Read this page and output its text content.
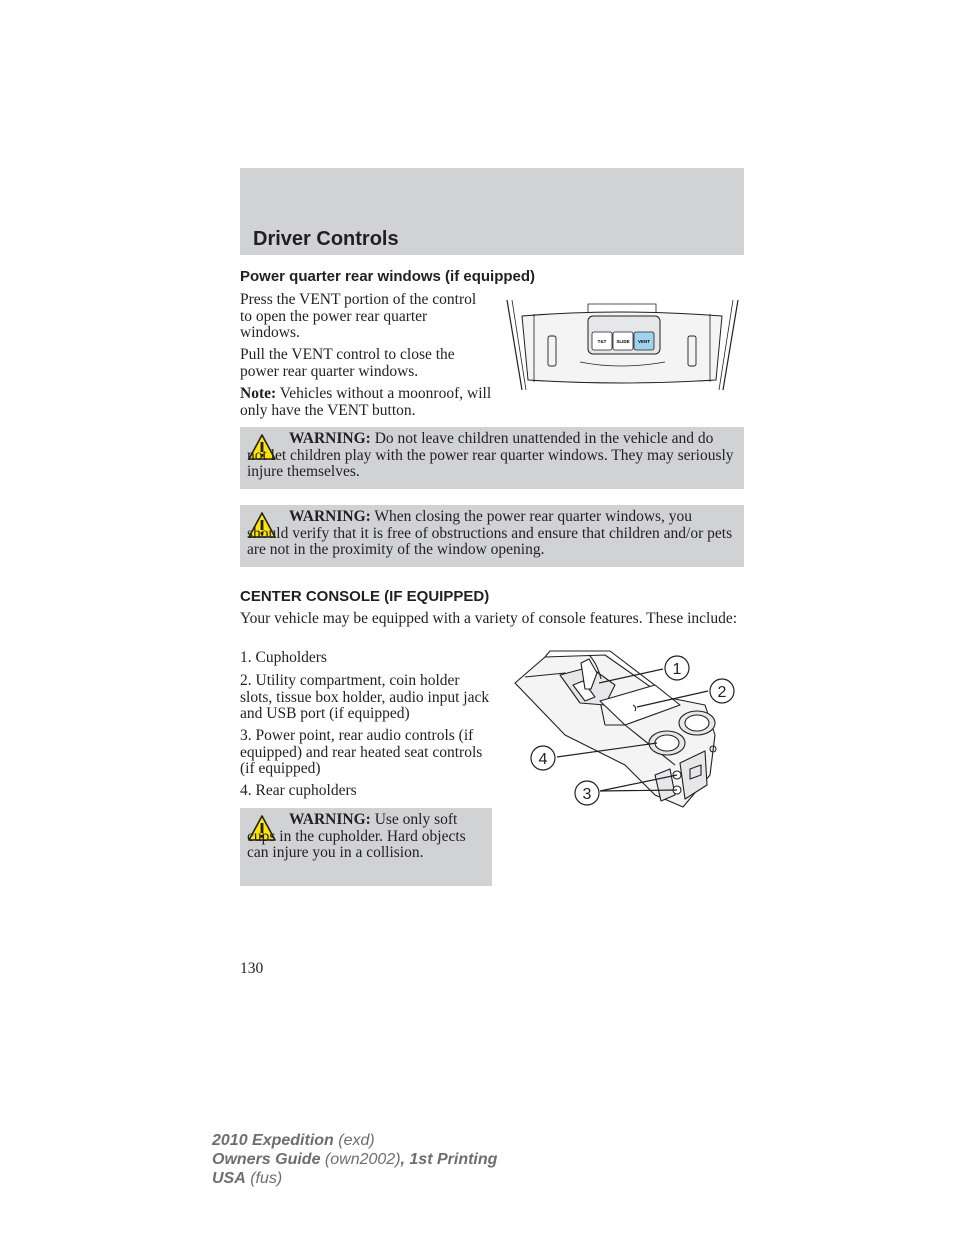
Driver Controls
Power quarter rear windows (if equipped)

Press the VENT portion of the control to open the power rear quarter windows.

Pull the VENT control to close the power rear quarter windows.

Note: Vehicles without a moonroof, will only have the VENT button.

T&T SLIDE VENT
WARNING: Do not leave children unattended in the vehicle and do not let children play with the power rear quarter windows. They may seriously injure themselves.
WARNING: When closing the power rear quarter windows, you should verify that it is free of obstructions and ensure that children and/or pets are not in the proximity of the window opening.
CENTER CONSOLE (IF EQUIPPED)

Your vehicle may be equipped with a variety of console features. These include:

1. Cupholders

2. Utility compartment, coin holder slots, tissue box holder, audio input jack and USB port (if equipped)

3. Power point, rear audio controls (if equipped) and rear heated seat controls (if equipped)

4. Rear cupholders

WARNING: Use only soft cups in the cupholder. Hard objects can injure you in a collision.
1
2
4
3
130
2010 Expedition (exd)
Owners Guide (own2002), 1st Printing
USA (fus)
